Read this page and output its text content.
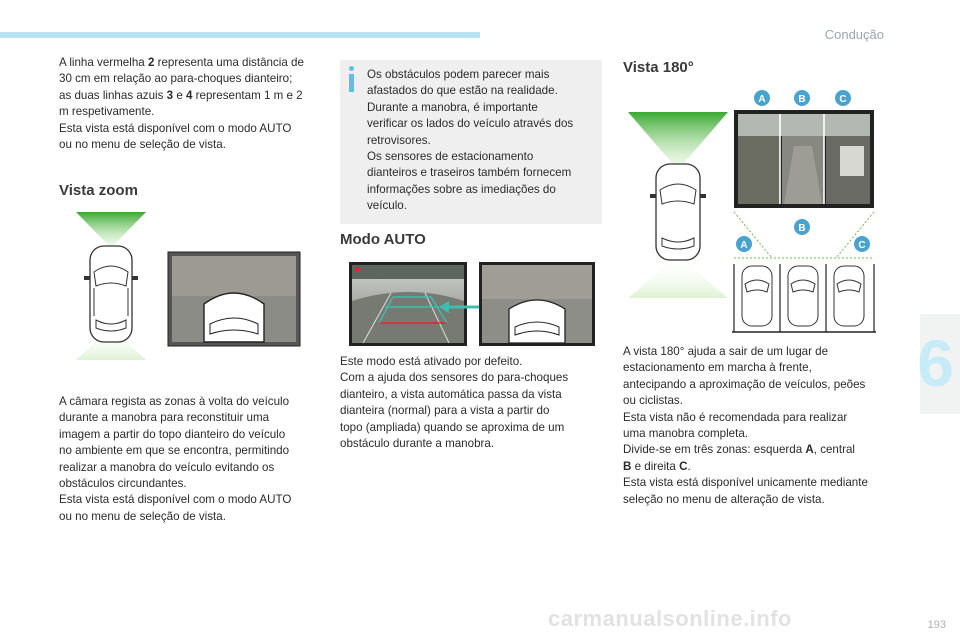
Condução
6
A linha vermelha 2 representa uma distância de
30 cm em relação ao para-choques dianteiro;
as duas linhas azuis 3 e 4 representam 1 m e 2
m respetivamente.
Esta vista está disponível com o modo AUTO
ou no menu de seleção de vista.
Vista zoom
A câmara regista as zonas à volta do veículo
durante a manobra para reconstituir uma
imagem a partir do topo dianteiro do veículo
no ambiente em que se encontra, permitindo
realizar a manobra do veículo evitando os
obstáculos circundantes.
Esta vista está disponível com o modo AUTO
ou no menu de seleção de vista.
Os obstáculos podem parecer mais
afastados do que estão na realidade.
Durante a manobra, é importante
verificar os lados do veículo através dos
retrovisores.
Os sensores de estacionamento
dianteiros e traseiros também fornecem
informações sobre as imediações do
veículo.
Modo AUTO
Este modo está ativado por defeito.
Com a ajuda dos sensores do para-choques
dianteiro, a vista automática passa da vista
dianteira (normal) para a vista a partir do
topo (ampliada) quando se aproxima de um
obstáculo durante a manobra.
Vista 180°
A	B	C
B
A	C
A vista 180° ajuda a sair de um lugar de
estacionamento em marcha à frente,
antecipando a aproximação de veículos, peões
ou ciclistas.
Esta vista não é recomendada para realizar
uma manobra completa.
Divide-se em três zonas: esquerda A, central
B e direita C.
Esta vista está disponível unicamente mediante
seleção no menu de alteração de vista.
carmanualsonline.info	193
